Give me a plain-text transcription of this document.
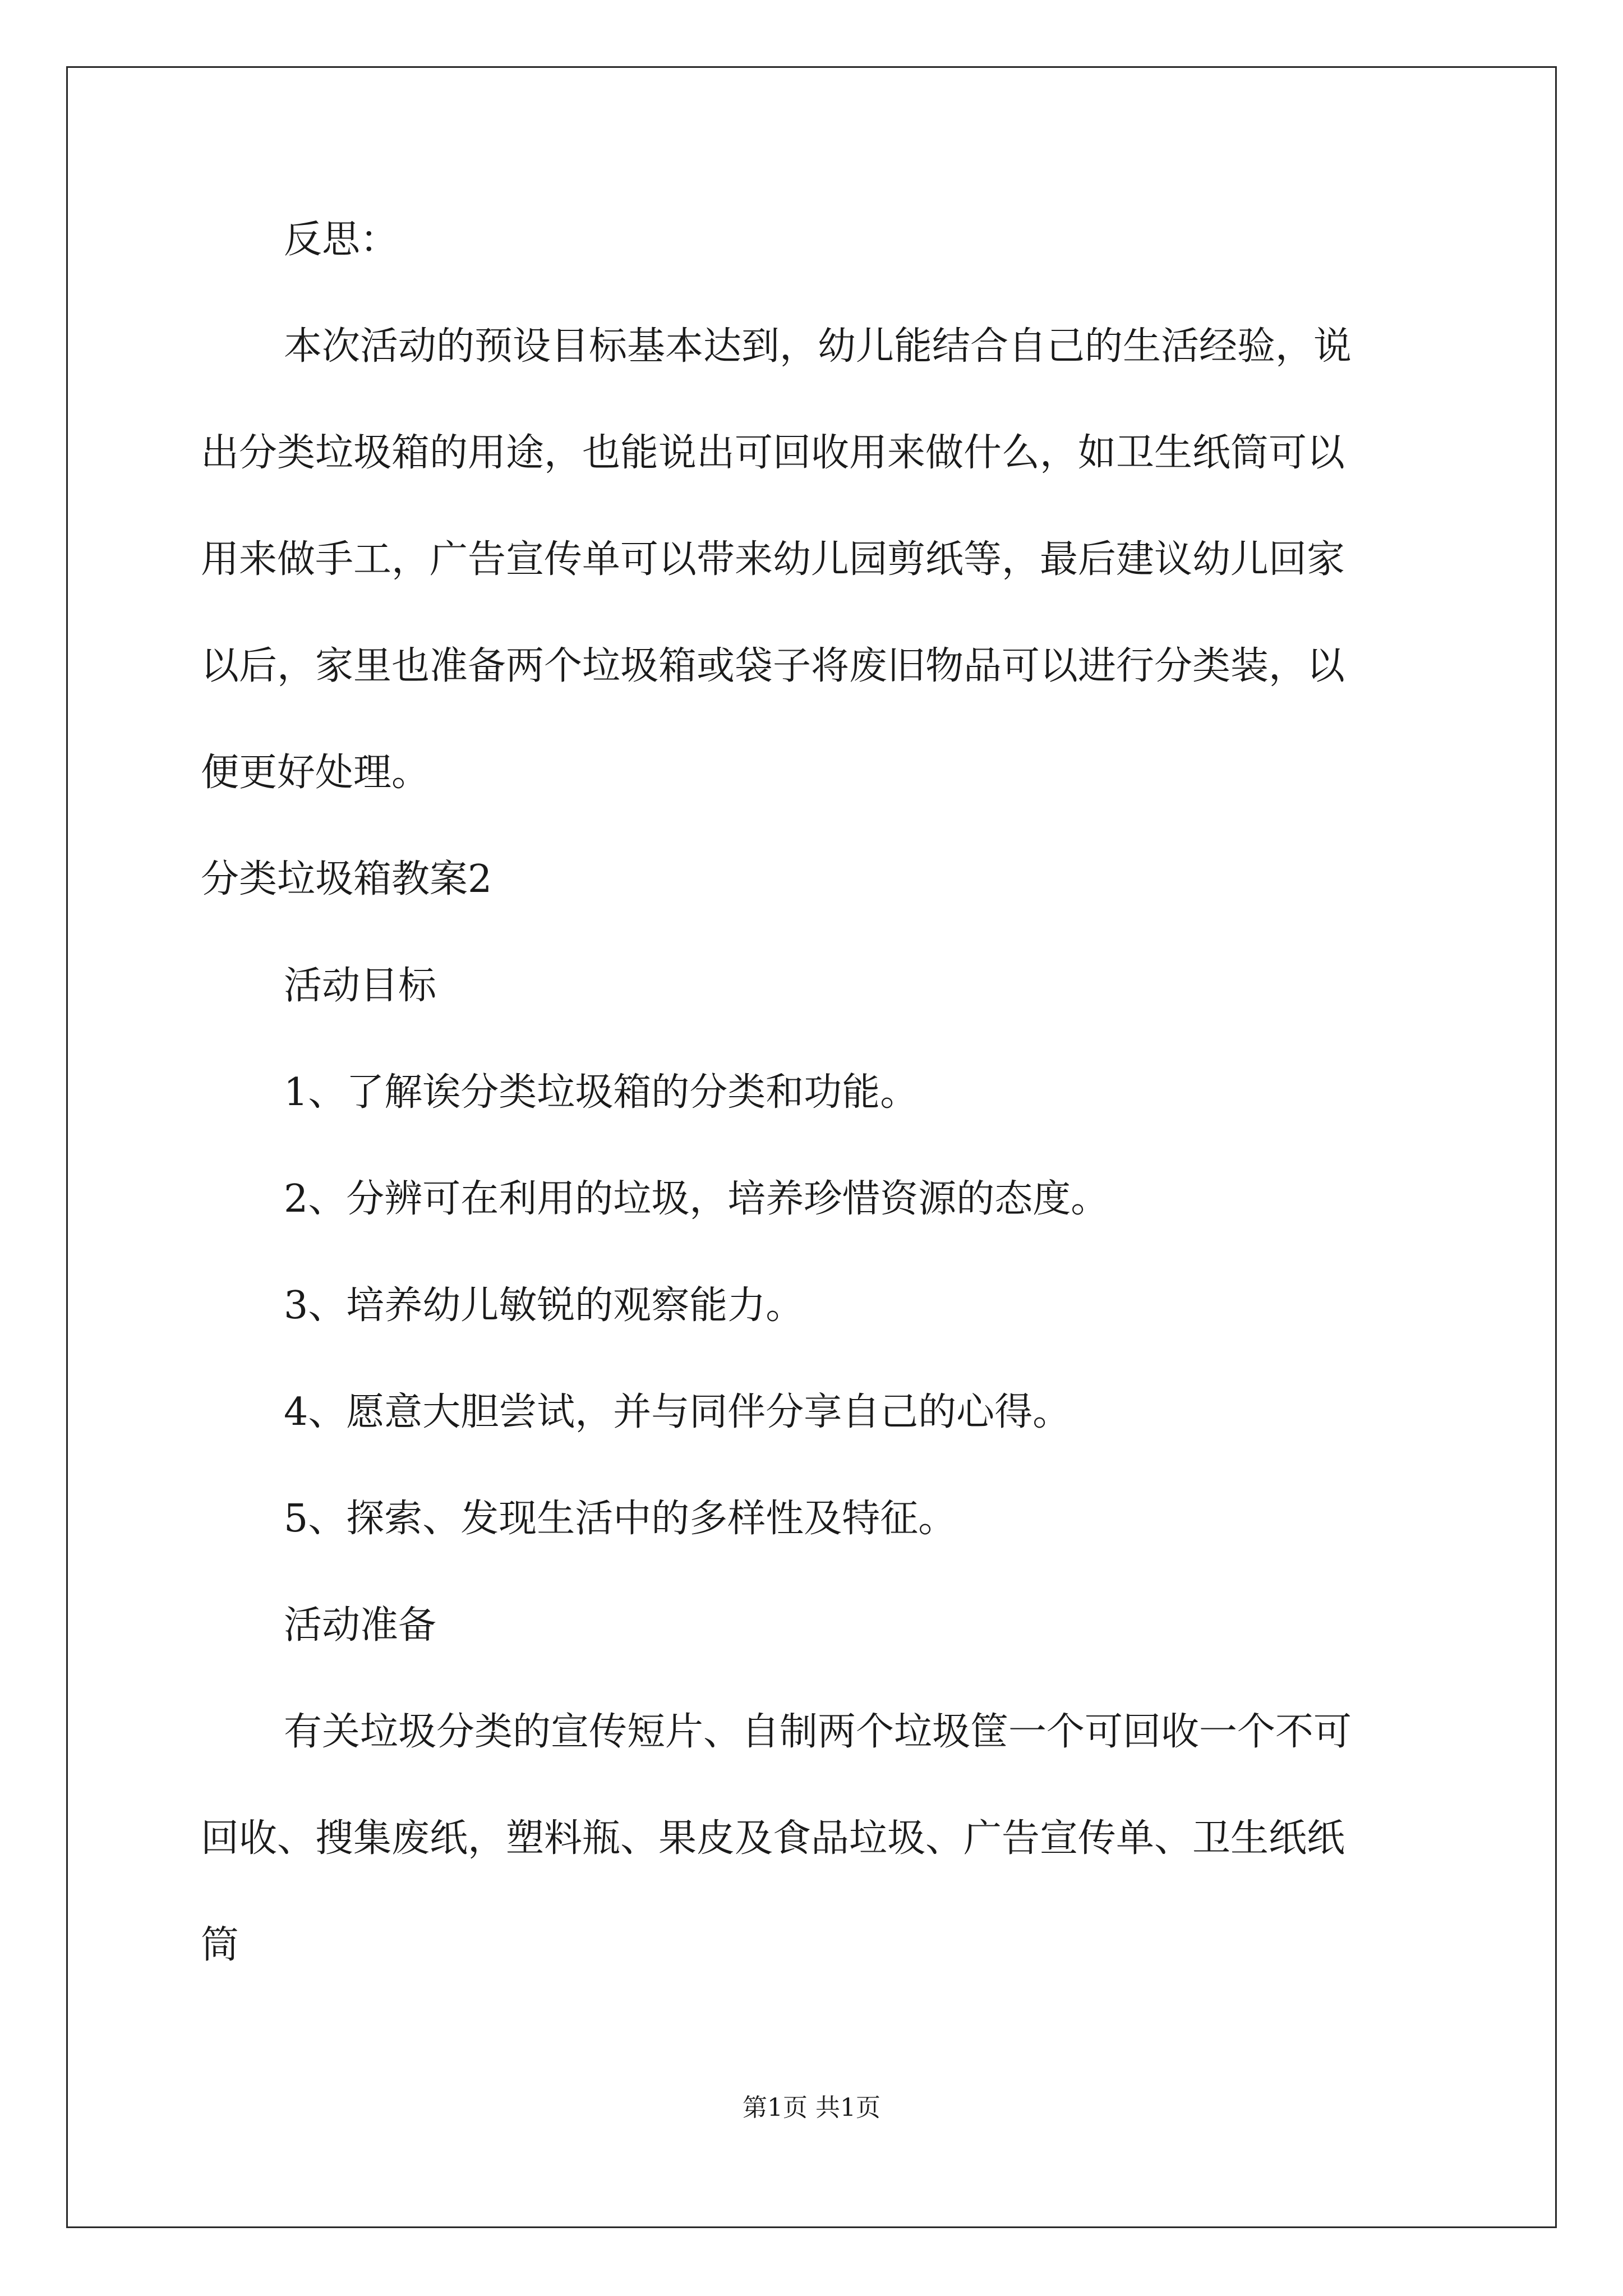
反思：
本次活动的预设目标基本达到，幼儿能结合自己的生活经验，说
出分类垃圾箱的用途，也能说出可回收用来做什么，如卫生纸筒可以
用来做手工，广告宣传单可以带来幼儿园剪纸等，最后建议幼儿回家
以后，家里也准备两个垃圾箱或袋子将废旧物品可以进行分类装，以
便更好处理。
分类垃圾箱教案2
活动目标
1、了解诶分类垃圾箱的分类和功能。
2、分辨可在利用的垃圾，培养珍惜资源的态度。
3、培养幼儿敏锐的观察能力。
4、愿意大胆尝试，并与同伴分享自己的心得。
5、探索、发现生活中的多样性及特征。
活动准备
有关垃圾分类的宣传短片、自制两个垃圾筐一个可回收一个不可
回收、搜集废纸，塑料瓶、果皮及食品垃圾、广告宣传单、卫生纸纸
筒
第1页 共1页
